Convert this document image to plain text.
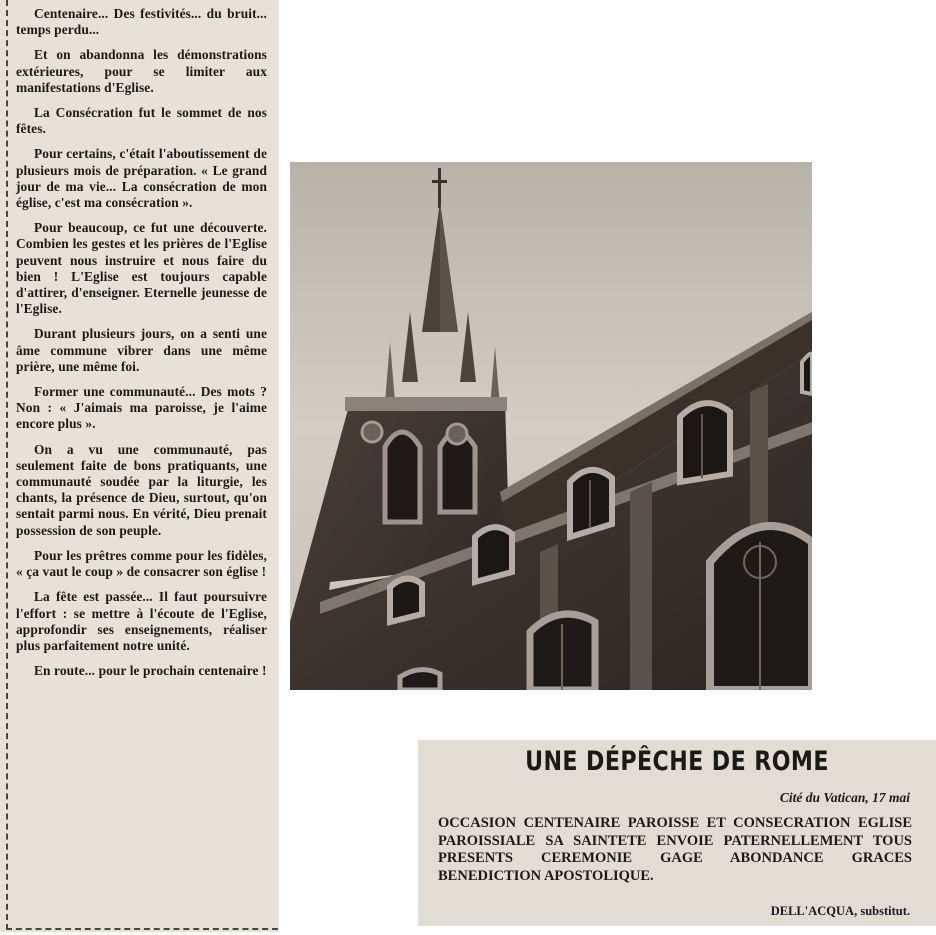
Centenaire... Des festivités... du bruit... temps perdu...

Et on abandonna les démonstrations extérieures, pour se limiter aux manifestations d'Eglise.

La Consécration fut le sommet de nos fêtes.

Pour certains, c'était l'aboutissement de plusieurs mois de préparation. « Le grand jour de ma vie... La consécration de mon église, c'est ma consécration ».

Pour beaucoup, ce fut une découverte. Combien les gestes et les prières de l'Eglise peuvent nous instruire et nous faire du bien ! L'Eglise est toujours capable d'attirer, d'enseigner. Eternelle jeunesse de l'Eglise.

Durant plusieurs jours, on a senti une âme commune vibrer dans une même prière, une même foi.

Former une communauté... Des mots ? Non : « J'aimais ma paroisse, je l'aime encore plus ».

On a vu une communauté, pas seulement faite de bons pratiquants, une communauté soudée par la liturgie, les chants, la présence de Dieu, surtout, qu'on sentait parmi nous. En vérité, Dieu prenait possession de son peuple.

Pour les prêtres comme pour les fidèles, « ça vaut le coup » de consacrer son église !

La fête est passée... Il faut poursuivre l'effort : se mettre à l'écoute de l'Eglise, approfondir ses enseignements, réaliser plus parfaitement notre unité.

En route... pour le prochain centenaire !

UNE DÉPÊCHE DE ROME
Cité du Vatican, 17 mai
OCCASION CENTENAIRE PAROISSE ET CONSECRATION EGLISE PAROISSIALE SA SAINTETE ENVOIE PATERNELLEMENT TOUS PRESENTS CEREMONIE GAGE ABONDANCE GRACES BENEDICTION APOSTOLIQUE.
DELL'ACQUA, substitut.
